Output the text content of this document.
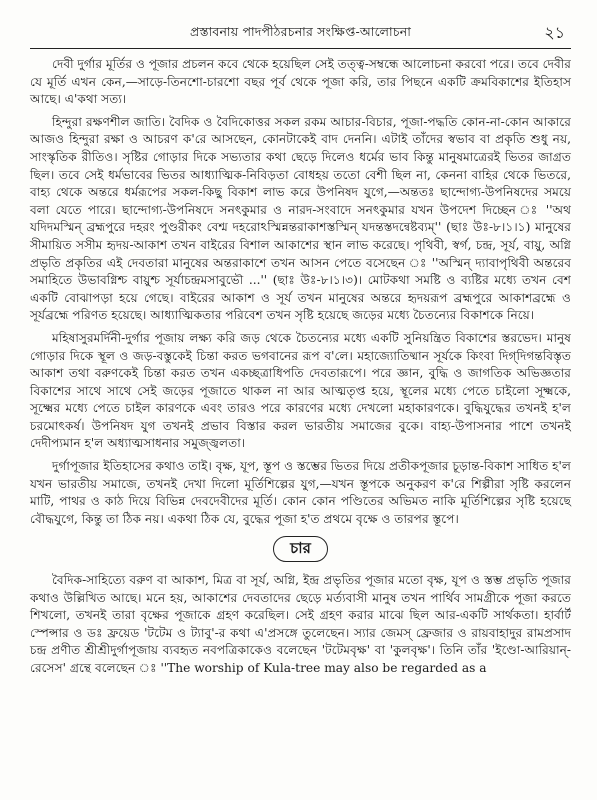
প্রস্তাবনায় পাদপীঠরচনার সংক্ষিপ্ত-আলোচনা	২১

দেবী দুর্গার মূর্তির ও পূজার প্রচলন কবে থেকে হয়েছিল সেই তত্ত্ব-সম্বন্ধে আলোচনা করবো পরে। তবে দেবীর যে মূর্তি এখন কেন,—সাড়ে-তিনশো-চারশো বছর পূর্ব থেকে পূজা করি, তার পিছনে একটি ক্রমবিকাশের ইতিহাস আছে। এ'কথা সত্য।

হিন্দুরা রক্ষণশীল জাতি। বৈদিক ও বৈদিকোত্তর সকল রকম আচার-বিচার, পূজা-পদ্ধতি কোন-না-কোন আকারে আজও হিন্দুরা রক্ষা ও আচরণ ক'রে আসছেন, কোনটাকেই বাদ দেননি। এটাই তাঁদের স্বভাব বা প্রকৃতি শুধু নয়, সাংস্কৃতিক রীতিও। সৃষ্টির গোড়ার দিকে সভ্যতার কথা ছেড়ে দিলেও ধর্মের ভাব কিন্তু মানুষমাত্রেরই ভিতর জাগ্রত ছিল। তবে সেই ধর্মভাবের ভিতর আধ্যাত্মিক-নিবিড়তা বোধহয় ততো বেশী ছিল না, কেননা বাহির থেকে ভিতরে, বাহ্য থেকে অন্তরে ধর্মরূপের সকল-কিছু বিকাশ লাভ করে উপনিষদ যুগে,—অন্ততঃ ছান্দোগ্য-উপনিষদের সময়ে বলা যেতে পারে। ছান্দোগ্য-উপনিষদে সনৎকুমার ও নারদ-সংবাদে সনৎকুমার যখন উপদেশ দিচ্ছেন ঃ ''অথ যদিদমস্মিন্ ব্রহ্মপুরে দহরং পুণ্ডরীকং বেশ্ম দহরোঽস্মিন্নন্তরাকাশস্তস্মিন্ যদন্তস্তদন্বেষ্টব্যম্'' (ছাঃ উঃ-৮।১।১) মানুষের সীমায়িত সসীম হৃদয়-আকাশ তখন বাইরের বিশাল আকাশের স্থান লাভ করেছে। পৃথিবী, স্বর্গ, চন্দ্র, সূর্য, বায়ু, অগ্নি প্রভৃতি প্রকৃতির এই দেবতারা মানুষের অন্তরাকাশে তখন আসন পেতে বসেছেন ঃ ''অস্মিন্ দ্যাবাপৃথিবী অন্তরেব সমাহিতে উভাবগ্নিশ্চ বায়ুশ্চ সূর্যাচন্দ্রমসাবুভৌ ...'' (ছাঃ উঃ-৮।১।৩)। মোটকথা সমষ্টি ও ব্যষ্টির মধ্যে তখন বেশ একটি বোঝাপড়া হয়ে গেছে। বাইরের আকাশ ও সূর্য তখন মানুষের অন্তরে হৃদয়রূপ ব্রহ্মপুরে আকাশব্রহ্মে ও সূর্যব্রহ্মে পরিণত হয়েছে। আধ্যাত্মিকতার পরিবেশ তখন সৃষ্টি হয়েছে জড়ের মধ্যে চৈতন্যের বিকাশকে নিয়ে।

মহিষাসুরমর্দিনী-দুর্গার পূজায় লক্ষ্য করি জড় থেকে চৈতন্যের মধ্যে একটি সুনিয়ন্ত্রিত বিকাশের স্তরভেদ। মানুষ গোড়ার দিকে স্থূল ও জড়-বস্তুকেই চিন্তা করত ভগবানের রূপ ব'লে। মহাজ্যোতিষ্মান সূর্যকে কিংবা দিগ্‌দিগন্তবিস্তৃত আকাশ তথা বরুণকেই চিন্তা করত তখন একচ্ছত্রাধিপতি দেবতারূপে। পরে জ্ঞান, বুদ্ধি ও জাগতিক অভিজ্ঞতার বিকাশের সাথে সাথে সেই জড়ের পূজাতে থাকল না আর আত্মতৃপ্ত হয়ে, স্থূলের মধ্যে পেতে চাইলো সূক্ষ্মকে, সূক্ষ্মের মধ্যে পেতে চাইল কারণকে এবং তারও পরে কারণের মধ্যে দেখলো মহাকারণকে। বুদ্ধিযুদ্ধের তখনই হ'ল চরমোৎকর্ষ। উপনিষদ যুগ তখনই প্রভাব বিস্তার করল ভারতীয় সমাজের বুকে। বাহ্য-উপাসনার পাশে তখনই দেদীপ্যমান হ'ল অধ্যাত্মসাধনার সমুজ্জ্বলতা।

দুর্গাপূজার ইতিহাসের কথাও তাই। বৃক্ষ, যূপ, স্তূপ ও স্তম্ভের ভিতর দিয়ে প্রতীকপূজার চূড়ান্ত-বিকাশ সাধিত হ'ল যখন ভারতীয় সমাজে, তখনই দেখা দিলো মূর্তিশিল্পের যুগ,—যখন স্তূপকে অনুকরণ ক'রে শিল্পীরা সৃষ্টি করলেন মাটি, পাথর ও কাঠ দিয়ে বিভিন্ন দেবদেবীদের মূর্তি। কোন কোন পণ্ডিতের অভিমত নাকি মূর্তিশিল্পের সৃষ্টি হয়েছে বৌদ্ধযুগে, কিন্তু তা ঠিক নয়। একথা ঠিক যে, বুদ্ধের পূজা হ'ত প্রথমে বৃক্ষে ও তারপর স্তূপে।

চার

বৈদিক-সাহিত্যে বরুণ বা আকাশ, মিত্র বা সূর্য, অগ্নি, ইন্দ্র প্রভৃতির পূজার মতো বৃক্ষ, যূপ ও স্তম্ভ প্রভৃতি পূজার কথাও উল্লিখিত আছে। মনে হয়, আকাশের দেবতাদের ছেড়ে মর্ত্যবাসী মানুষ তখন পার্থিব সামগ্রীকে পূজা করতে শিখলো, তখনই তারা বৃক্ষের পূজাকে গ্রহণ করেছিল। সেই গ্রহণ করার মাঝে ছিল আর-একটি সার্থকতা। হার্বার্ট স্পেন্সার ও ডঃ ফ্রয়েড 'টটেম ও ট্যাবু'-র কথা এ'প্রসঙ্গে তুলেছেন। স্যার জেমস্ ফ্রেজার ও রায়বাহাদুর রামপ্রসাদ চন্দ্র প্রণীত শ্রীশ্রীদুর্গাপূজায় ব্যবহৃত নবপত্রিকাকেও বলেছেন 'টটেমবৃক্ষ' বা 'কুলবৃক্ষ'। তিনি তাঁর 'ইণ্ডো-আরিয়ান্-রেসেস' গ্রন্থে বলেছেন ঃ ''The worship of Kula-tree may also be regarded as a
